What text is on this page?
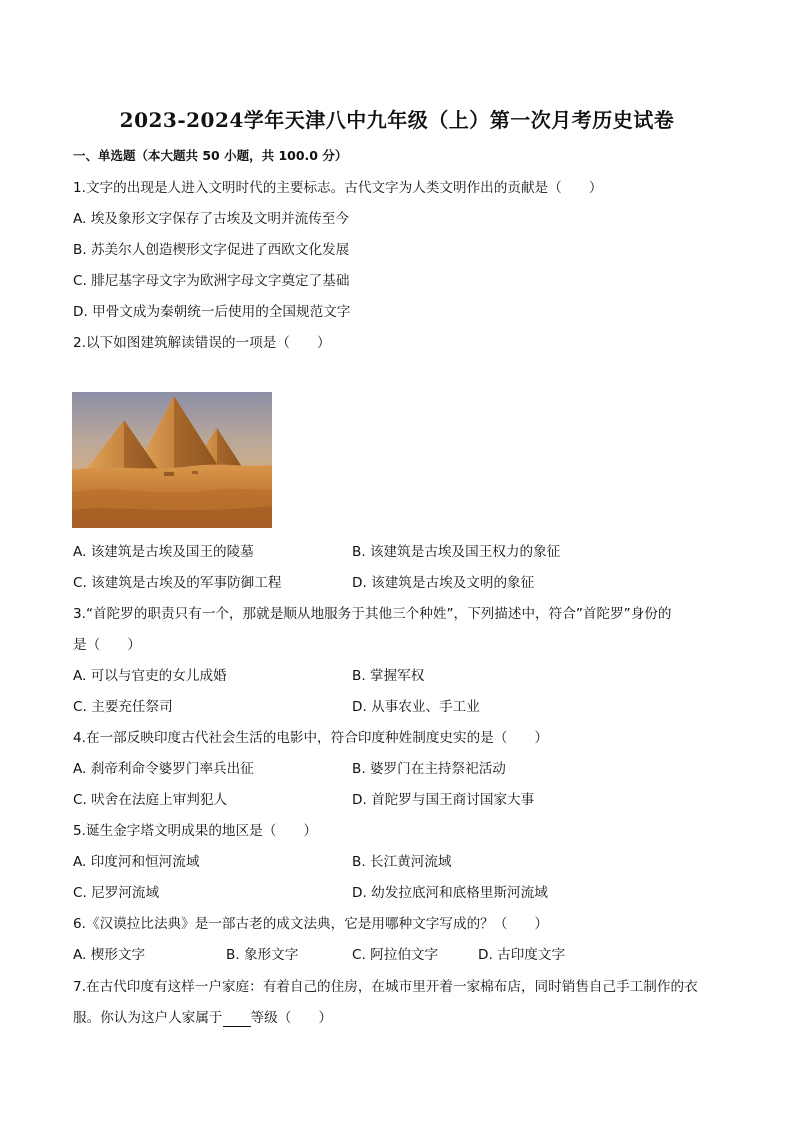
2023-2024学年天津八中九年级（上）第一次月考历史试卷
一、单选题（本大题共 50 小题，共 100.0 分）
1.文字的出现是人进入文明时代的主要标志。古代文字为人类文明作出的贡献是（　　）
A. 埃及象形文字保存了古埃及文明并流传至今
B. 苏美尔人创造楔形文字促进了西欧文化发展
C. 腓尼基字母文字为欧洲字母文字奠定了基础
D. 甲骨文成为秦朝统一后使用的全国规范文字
2.以下如图建筑解读错误的一项是（　　）
A. 该建筑是古埃及国王的陵墓	B. 该建筑是古埃及国王权力的象征
C. 该建筑是古埃及的军事防御工程	D. 该建筑是古埃及文明的象征
3.“首陀罗的职责只有一个，那就是顺从地服务于其他三个种姓”，下列描述中，符合”首陀罗”身份的
是（　　）
A. 可以与官吏的女儿成婚	B. 掌握军权
C. 主要充任祭司	D. 从事农业、手工业
4.在一部反映印度古代社会生活的电影中，符合印度种姓制度史实的是（　　）
A. 刹帝利命令婆罗门率兵出征	B. 婆罗门在主持祭祀活动
C. 吠舍在法庭上审判犯人	D. 首陀罗与国王商讨国家大事
5.诞生金字塔文明成果的地区是（　　）
A. 印度河和恒河流域	B. 长江黄河流域
C. 尼罗河流域	D. 幼发拉底河和底格里斯河流域
6.《汉谟拉比法典》是一部古老的成文法典，它是用哪种文字写成的？（　　）
A. 楔形文字	B. 象形文字	C. 阿拉伯文字	D. 古印度文字
7.在古代印度有这样一户家庭：有着自己的住房，在城市里开着一家棉布店，同时销售自己手工制作的衣
服。你认为这户人家属于 等级（　　）
